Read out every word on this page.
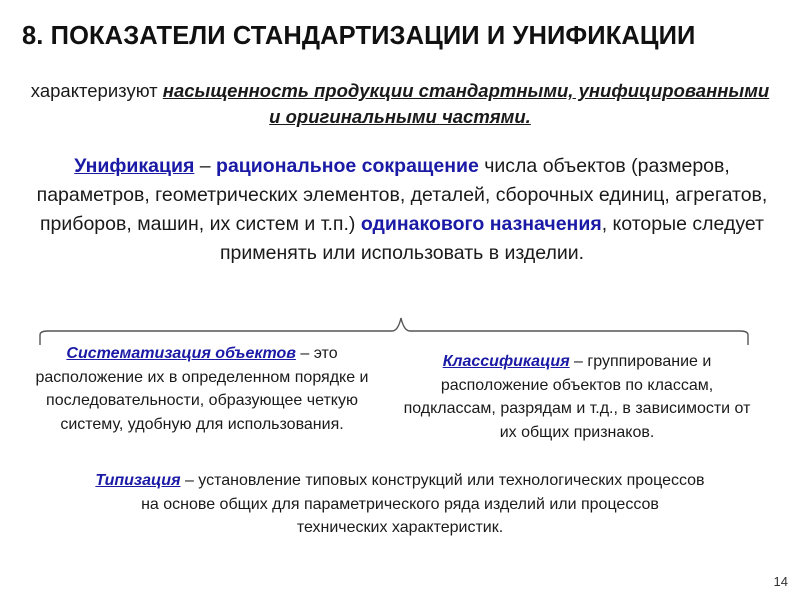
8. ПОКАЗАТЕЛИ СТАНДАРТИЗАЦИИ И УНИФИКАЦИИ
характеризуют насыщенность продукции стандартными, унифицированными и оригинальными частями.
Унификация – рациональное сокращение числа объектов (размеров, параметров, геометрических элементов, деталей, сборочных единиц, агрегатов, приборов, машин, их систем и т.п.) одинакового назначения, которые следует применять или использовать в изделии.
Систематизация объектов – это расположение их в определенном порядке и последовательности, образующее четкую систему, удобную для использования.
Классификация – группирование и расположение объектов по классам, подклассам, разрядам и т.д., в зависимости от их общих признаков.
Типизация – установление типовых конструкций или технологических процессов на основе общих для параметрического ряда изделий или процессов технических характеристик.
14
